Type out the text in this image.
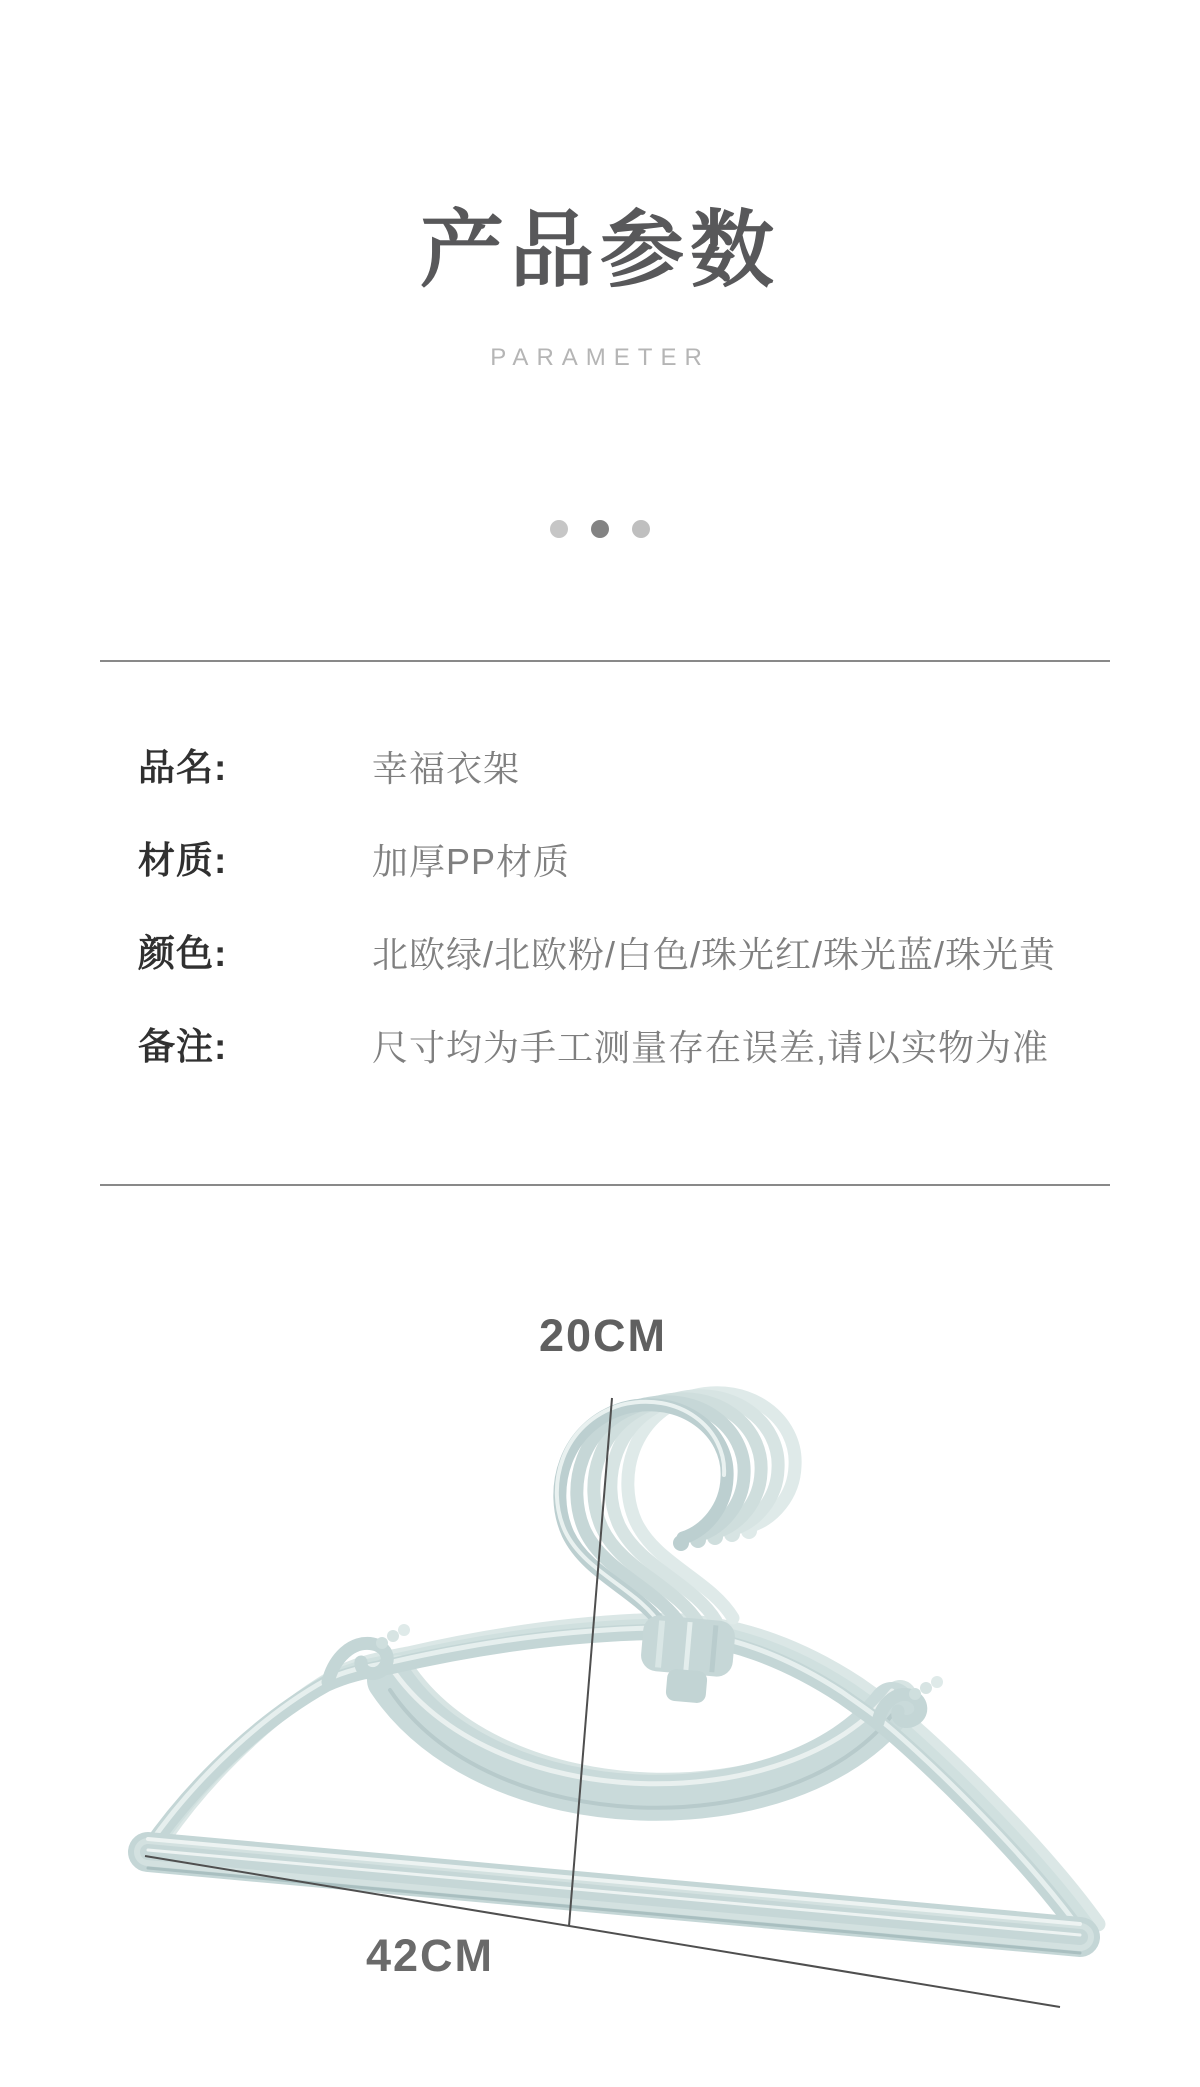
产品参数
PARAMETER
品名:	幸福衣架
材质:	加厚PP材质
颜色:	北欧绿/北欧粉/白色/珠光红/珠光蓝/珠光黄
备注:	尺寸均为手工测量存在误差,请以实物为准
20CM
42CM
